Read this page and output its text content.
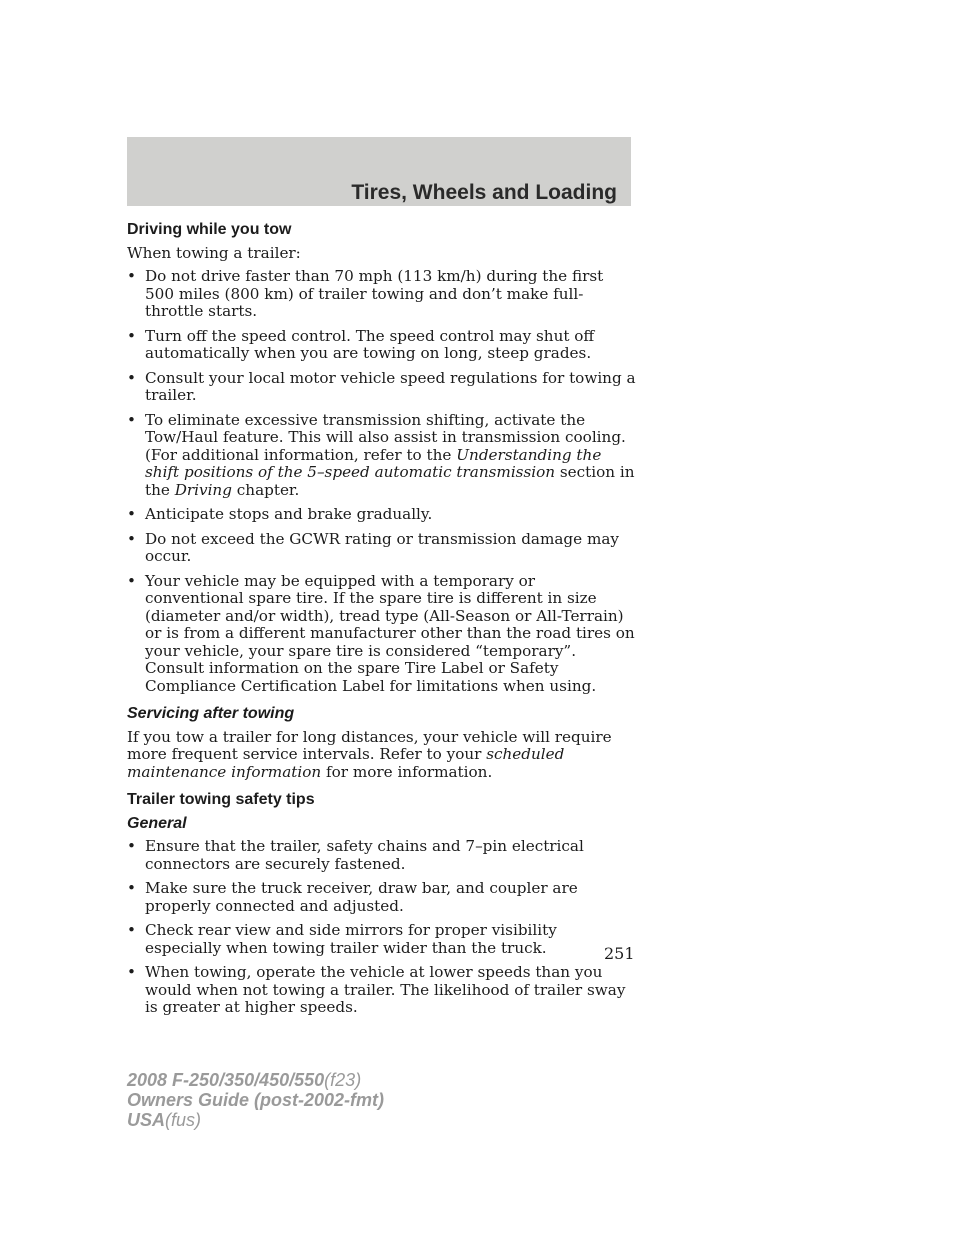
Tires, Wheels and Loading
Driving while you tow
When towing a trailer:
• Do not drive faster than 70 mph (113 km/h) during the first 500 miles (800 km) of trailer towing and don’t make full-throttle starts.
• Turn off the speed control. The speed control may shut off automatically when you are towing on long, steep grades.
• Consult your local motor vehicle speed regulations for towing a trailer.
• To eliminate excessive transmission shifting, activate the Tow/Haul feature. This will also assist in transmission cooling. (For additional information, refer to the Understanding the shift positions of the 5–speed automatic transmission section in the Driving chapter.
• Anticipate stops and brake gradually.
• Do not exceed the GCWR rating or transmission damage may occur.
• Your vehicle may be equipped with a temporary or conventional spare tire. If the spare tire is different in size (diameter and/or width), tread type (All-Season or All-Terrain) or is from a different manufacturer other than the road tires on your vehicle, your spare tire is considered “temporary”. Consult information on the spare Tire Label or Safety Compliance Certification Label for limitations when using.
Servicing after towing
If you tow a trailer for long distances, your vehicle will require more frequent service intervals. Refer to your scheduled maintenance information for more information.
Trailer towing safety tips
General
• Ensure that the trailer, safety chains and 7–pin electrical connectors are securely fastened.
• Make sure the truck receiver, draw bar, and coupler are properly connected and adjusted.
• Check rear view and side mirrors for proper visibility especially when towing trailer wider than the truck.
• When towing, operate the vehicle at lower speeds than you would when not towing a trailer. The likelihood of trailer sway is greater at higher speeds.
251
2008 F-250/350/450/550(f23)
Owners Guide (post-2002-fmt)
USA(fus)
